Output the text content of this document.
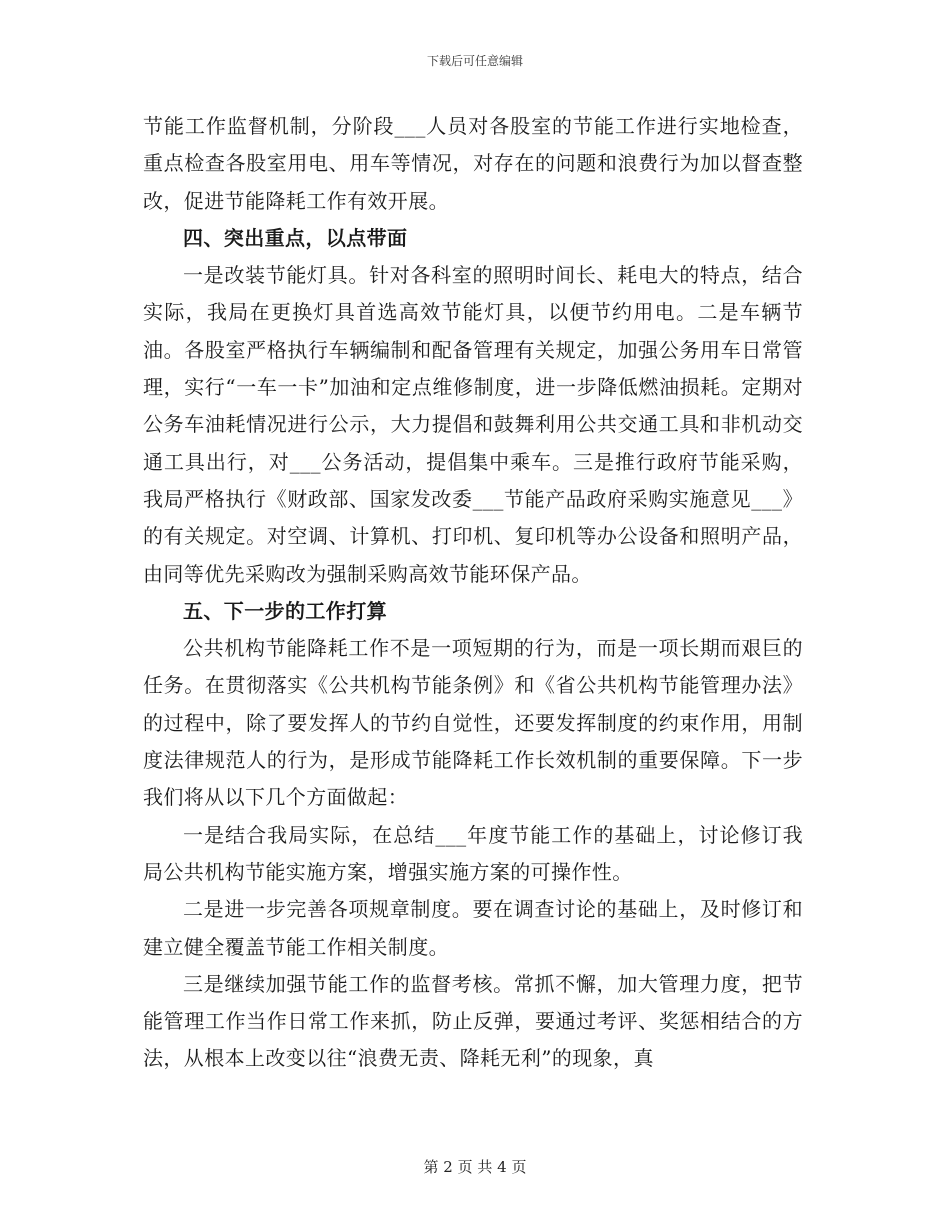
下载后可任意编辑

节能工作监督机制，分阶段___人员对各股室的节能工作进行实地检查，重点检查各股室用电、用车等情况，对存在的问题和浪费行为加以督查整改，促进节能降耗工作有效开展。

四、突出重点，以点带面

一是改装节能灯具。针对各科室的照明时间长、耗电大的特点，结合实际，我局在更换灯具首选高效节能灯具，以便节约用电。二是车辆节油。各股室严格执行车辆编制和配备管理有关规定，加强公务用车日常管理，实行“一车一卡”加油和定点维修制度，进一步降低燃油损耗。定期对公务车油耗情况进行公示，大力提倡和鼓舞利用公共交通工具和非机动交通工具出行，对___公务活动，提倡集中乘车。三是推行政府节能采购，我局严格执行《财政部、国家发改委___节能产品政府采购实施意见___》的有关规定。对空调、计算机、打印机、复印机等办公设备和照明产品，由同等优先采购改为强制采购高效节能环保产品。

五、下一步的工作打算

公共机构节能降耗工作不是一项短期的行为，而是一项长期而艰巨的任务。在贯彻落实《公共机构节能条例》和《省公共机构节能管理办法》的过程中，除了要发挥人的节约自觉性，还要发挥制度的约束作用，用制度法律规范人的行为，是形成节能降耗工作长效机制的重要保障。下一步我们将从以下几个方面做起：

一是结合我局实际，在总结___年度节能工作的基础上，讨论修订我局公共机构节能实施方案，增强实施方案的可操作性。

二是进一步完善各项规章制度。要在调查讨论的基础上，及时修订和建立健全覆盖节能工作相关制度。

三是继续加强节能工作的监督考核。常抓不懈，加大管理力度，把节能管理工作当作日常工作来抓，防止反弹，要通过考评、奖惩相结合的方法，从根本上改变以往“浪费无责、降耗无利”的现象，真

第 2 页 共 4 页
